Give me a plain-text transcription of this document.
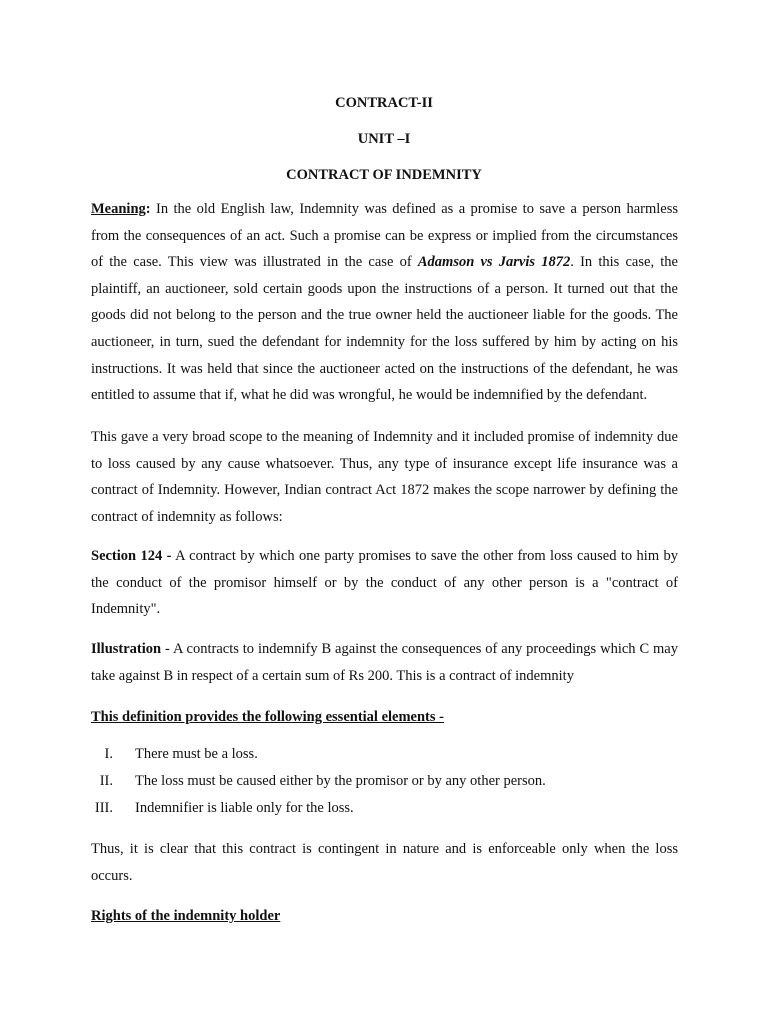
CONTRACT-II
UNIT –I
CONTRACT OF INDEMNITY

Meaning: In the old English law, Indemnity was defined as a promise to save a person harmless from the consequences of an act. Such a promise can be express or implied from the circumstances of the case. This view was illustrated in the case of Adamson vs Jarvis 1872. In this case, the plaintiff, an auctioneer, sold certain goods upon the instructions of a person. It turned out that the goods did not belong to the person and the true owner held the auctioneer liable for the goods. The auctioneer, in turn, sued the defendant for indemnity for the loss suffered by him by acting on his instructions. It was held that since the auctioneer acted on the instructions of the defendant, he was entitled to assume that if, what he did was wrongful, he would be indemnified by the defendant.

This gave a very broad scope to the meaning of Indemnity and it included promise of indemnity due to loss caused by any cause whatsoever. Thus, any type of insurance except life insurance was a contract of Indemnity. However, Indian contract Act 1872 makes the scope narrower by defining the contract of indemnity as follows:

Section 124 - A contract by which one party promises to save the other from loss caused to him by the conduct of the promisor himself or by the conduct of any other person is a "contract of Indemnity".

Illustration - A contracts to indemnify B against the consequences of any proceedings which C may take against B in respect of a certain sum of Rs 200. This is a contract of indemnity

This definition provides the following essential elements -
I. There must be a loss.
II. The loss must be caused either by the promisor or by any other person.
III. Indemnifier is liable only for the loss.

Thus, it is clear that this contract is contingent in nature and is enforceable only when the loss occurs.

Rights of the indemnity holder
